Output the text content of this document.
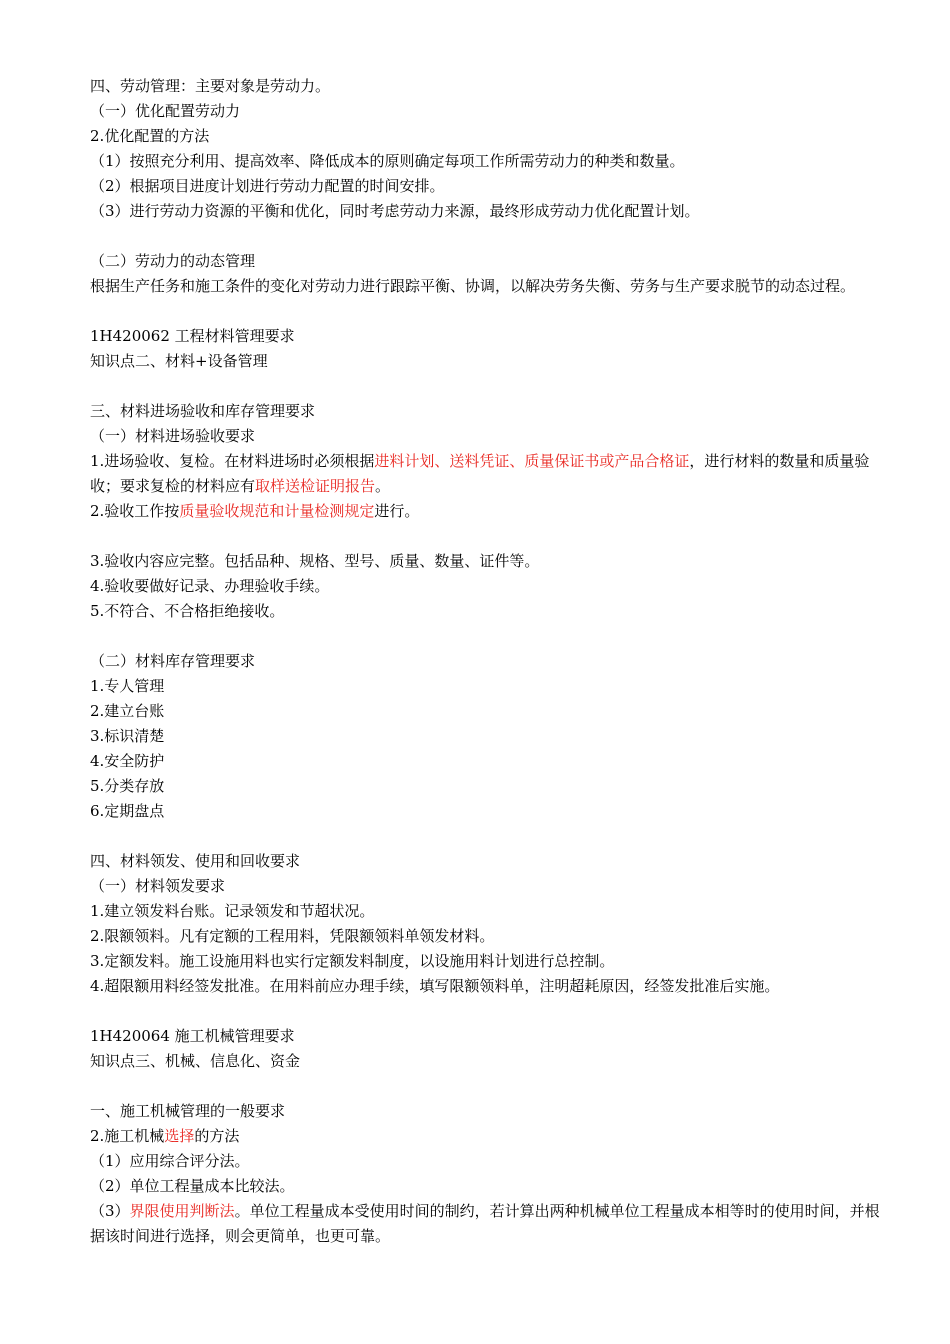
四、劳动管理：主要对象是劳动力。
（一）优化配置劳动力
2.优化配置的方法
（1）按照充分利用、提高效率、降低成本的原则确定每项工作所需劳动力的种类和数量。
（2）根据项目进度计划进行劳动力配置的时间安排。
（3）进行劳动力资源的平衡和优化，同时考虑劳动力来源，最终形成劳动力优化配置计划。
（二）劳动力的动态管理
根据生产任务和施工条件的变化对劳动力进行跟踪平衡、协调，以解决劳务失衡、劳务与生产要求脱节的动态过程。
1H420062 工程材料管理要求
知识点二、材料+设备管理
三、材料进场验收和库存管理要求
（一）材料进场验收要求
1.进场验收、复检。在材料进场时必须根据进料计划、送料凭证、质量保证书或产品合格证，进行材料的数量和质量验收；要求复检的材料应有取样送检证明报告。
2.验收工作按质量验收规范和计量检测规定进行。
3.验收内容应完整。包括品种、规格、型号、质量、数量、证件等。
4.验收要做好记录、办理验收手续。
5.不符合、不合格拒绝接收。
（二）材料库存管理要求
1.专人管理
2.建立台账
3.标识清楚
4.安全防护
5.分类存放
6.定期盘点
四、材料领发、使用和回收要求
（一）材料领发要求
1.建立领发料台账。记录领发和节超状况。
2.限额领料。凡有定额的工程用料，凭限额领料单领发材料。
3.定额发料。施工设施用料也实行定额发料制度，以设施用料计划进行总控制。
4.超限额用料经签发批准。在用料前应办理手续，填写限额领料单，注明超耗原因，经签发批准后实施。
1H420064 施工机械管理要求
知识点三、机械、信息化、资金
一、施工机械管理的一般要求
2.施工机械选择的方法
（1）应用综合评分法。
（2）单位工程量成本比较法。
（3）界限使用判断法。单位工程量成本受使用时间的制约，若计算出两种机械单位工程量成本相等时的使用时间，并根据该时间进行选择，则会更简单，也更可靠。
